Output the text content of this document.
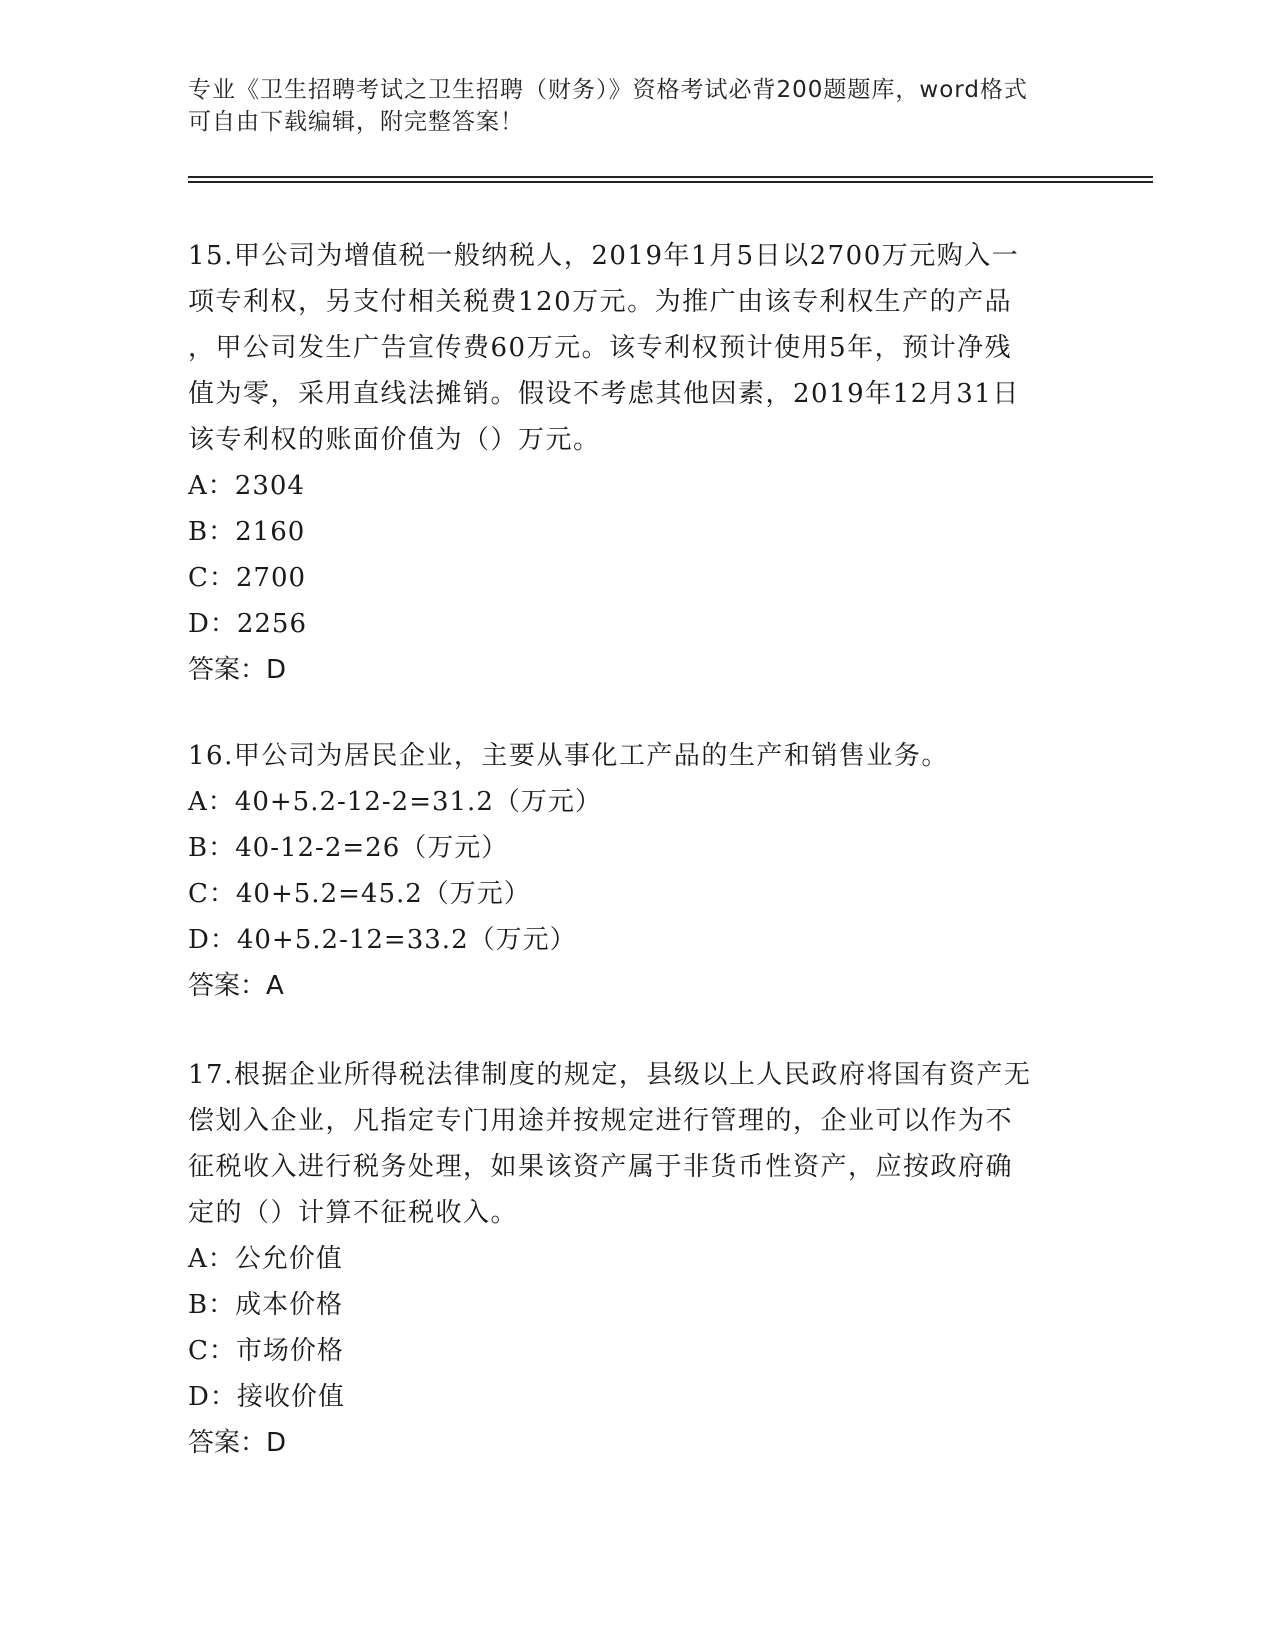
专业《卫生招聘考试之卫生招聘（财务）》资格考试必背200题题库，word格式
可自由下载编辑，附完整答案！
15.甲公司为增值税一般纳税人，2019年1月5日以2700万元购入一
项专利权，另支付相关税费120万元。为推广由该专利权生产的产品
，甲公司发生广告宣传费60万元。该专利权预计使用5年，预计净残
值为零，采用直线法摊销。假设不考虑其他因素，2019年12月31日
该专利权的账面价值为（）万元。
A：2304
B：2160
C：2700
D：2256
答案：D
16.甲公司为居民企业，主要从事化工产品的生产和销售业务。
A：40+5.2-12-2=31.2（万元）
B：40-12-2=26（万元）
C：40+5.2=45.2（万元）
D：40+5.2-12=33.2（万元）
答案：A
17.根据企业所得税法律制度的规定，县级以上人民政府将国有资产无
偿划入企业，凡指定专门用途并按规定进行管理的，企业可以作为不
征税收入进行税务处理，如果该资产属于非货币性资产，应按政府确
定的（）计算不征税收入。
A：公允价值
B：成本价格
C：市场价格
D：接收价值
答案：D
